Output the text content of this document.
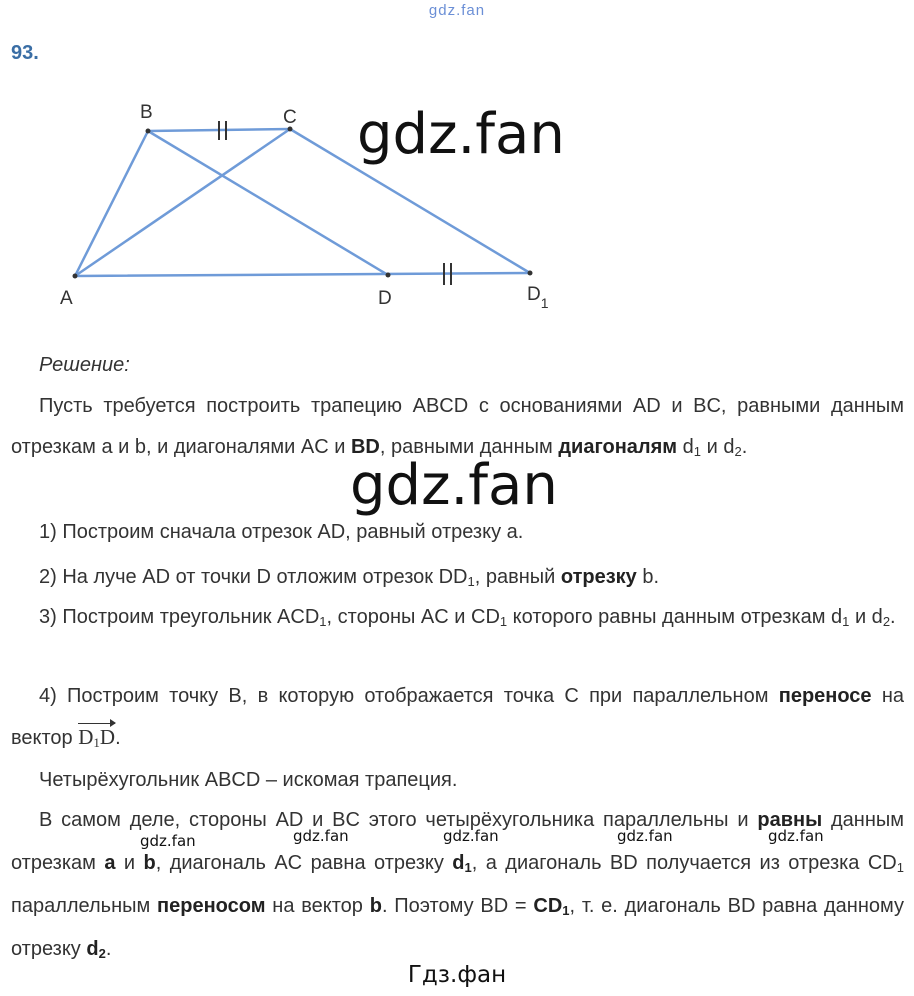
gdz.fan
93.
B	C
A	D	$D_1$
gdz.fan
Решение:

Пусть требуется построить трапецию ABCD с основаниями AD и BC, равными данным отрезкам a и b, и диагоналями AC и BD, равными данным диагоналям $d_1$ и $d_2$.

gdz.fan

1) Построим сначала отрезок AD, равный отрезку a.

2) На луче AD от точки D отложим отрезок $DD_1$, равный отрезку b.

3) Построим треугольник $ACD_1$, стороны AC и $CD_1$ которого равны данным отрезкам $d_1$ и $d_2$.

4) Построим точку B, в которую отображается точка C при параллельном переносе на вектор $D_1D$.

Четырёхугольник ABCD – искомая трапеция.

В самом деле, стороны AD и BC этого четырёхугольника параллельны и равны данным отрезкам a и b, диагональ AC равна отрезку $d_1$, а диагональ BD получается из отрезка $CD_1$ параллельным переносом на вектор b. Поэтому BD = $CD_1$, т. е. диагональ BD равна данному отрезку $d_2$.

gdz.fan	gdz.fan	gdz.fan	gdz.fan	gdz.fan
Гдз.фан
